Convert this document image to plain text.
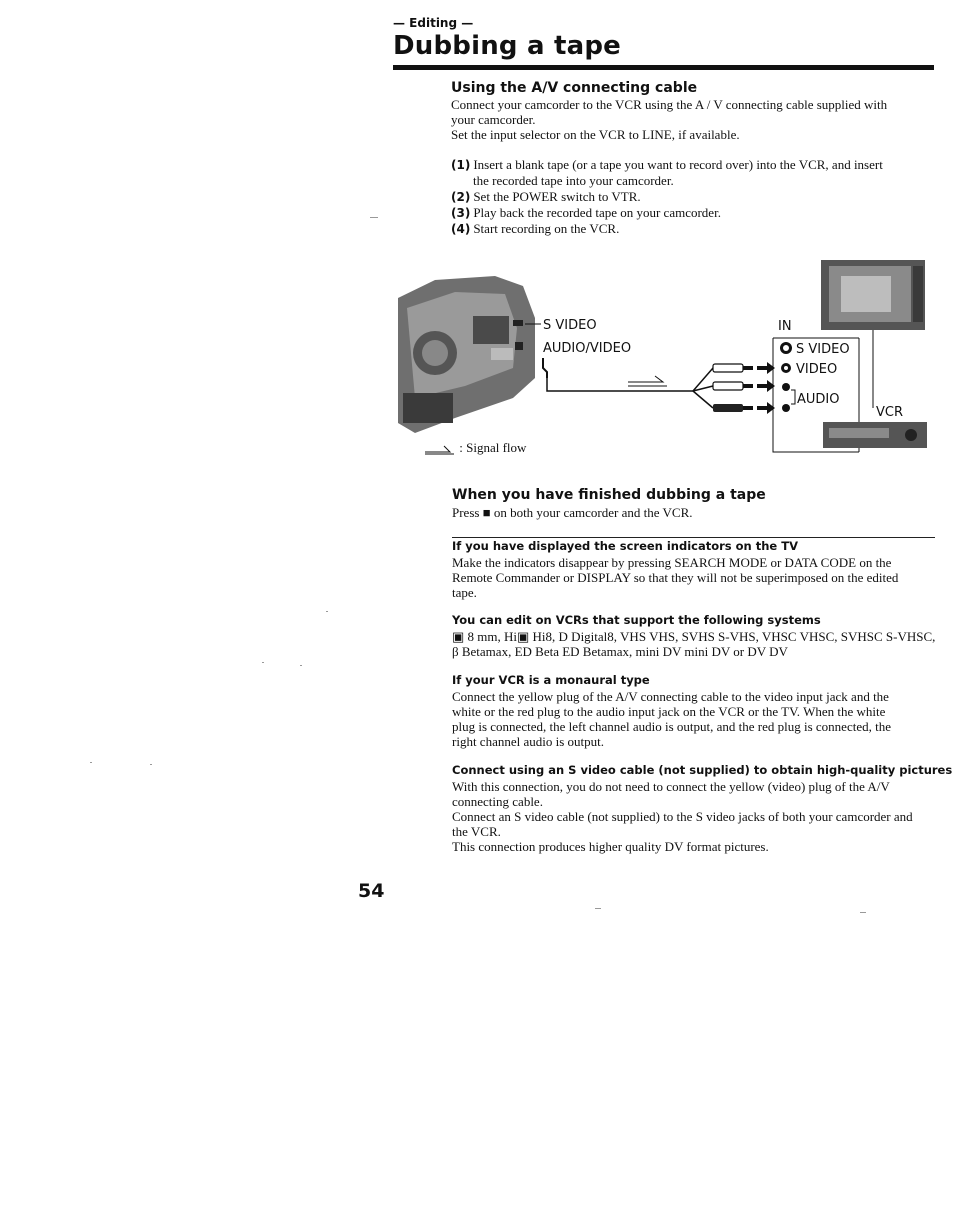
— Editing —
Dubbing a tape
Using the A/V connecting cable
Connect your camcorder to the VCR using the A / V connecting cable supplied with
your camcorder.
Set the input selector on the VCR to LINE, if available.
(1) Insert a blank tape (or a tape you want to record over) into the VCR, and insert
the recorded tape into your camcorder.
(2) Set the POWER switch to VTR.
(3) Play back the recorded tape on your camcorder.
(4) Start recording on the VCR.
S VIDEO
AUDIO/VIDEO
IN
S VIDEO
VIDEO
AUDIO
VCR
: Signal flow
When you have finished dubbing a tape
Press ■ on both your camcorder and the VCR.
If you have displayed the screen indicators on the TV
Make the indicators disappear by pressing SEARCH MODE or DATA CODE on the
Remote Commander or DISPLAY so that they will not be superimposed on the edited
tape.
You can edit on VCRs that support the following systems
▣ 8 mm, Hi▣ Hi8, D Digital8, VHS VHS, SVHS S-VHS, VHSC VHSC, SVHSC S-VHSC,
β Betamax, ED Beta ED Betamax, mini DV mini DV or DV DV
If your VCR is a monaural type
Connect the yellow plug of the A/V connecting cable to the video input jack and the
white or the red plug to the audio input jack on the VCR or the TV. When the white
plug is connected, the left channel audio is output, and the red plug is connected, the
right channel audio is output.
Connect using an S video cable (not supplied) to obtain high-quality pictures
With this connection, you do not need to connect the yellow (video) plug of the A/V
connecting cable.
Connect an S video cable (not supplied) to the S video jacks of both your camcorder and
the VCR.
This connection produces higher quality DV format pictures.
54
